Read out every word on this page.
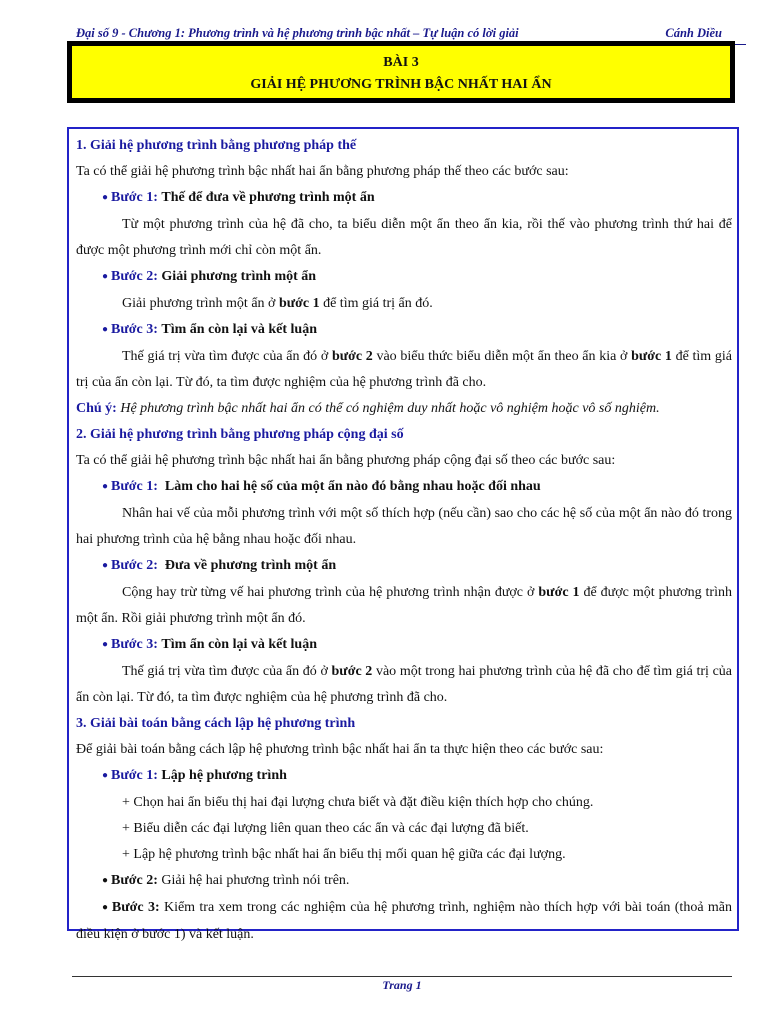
Đại số 9 - Chương 1: Phương trình và hệ phương trình bậc nhất – Tự luận có lời giải	Cánh Diều
BÀI 3
GIẢI HỆ PHƯƠNG TRÌNH BẬC NHẤT HAI ẨN

1. Giải hệ phương trình bằng phương pháp thế

Ta có thể giải hệ phương trình bậc nhất hai ẩn bằng phương pháp thế theo các bước sau:

● Bước 1: Thế để đưa về phương trình một ẩn

Từ một phương trình của hệ đã cho, ta biểu diễn một ẩn theo ẩn kia, rồi thế vào phương trình thứ hai để được một phương trình mới chỉ còn một ẩn.

● Bước 2: Giải phương trình một ẩn

Giải phương trình một ẩn ở bước 1 để tìm giá trị ẩn đó.

● Bước 3: Tìm ẩn còn lại và kết luận

Thế giá trị vừa tìm được của ẩn đó ở bước 2 vào biểu thức biểu diễn một ẩn theo ẩn kia ở bước 1 để tìm giá trị của ẩn còn lại. Từ đó, ta tìm được nghiệm của hệ phương trình đã cho.

Chú ý: Hệ phương trình bậc nhất hai ẩn có thể có nghiệm duy nhất hoặc vô nghiệm hoặc vô số nghiệm.

2. Giải hệ phương trình bằng phương pháp cộng đại số

Ta có thể giải hệ phương trình bậc nhất hai ẩn bằng phương pháp cộng đại số theo các bước sau:

● Bước 1: Làm cho hai hệ số của một ẩn nào đó bằng nhau hoặc đối nhau

Nhân hai vế của mỗi phương trình với một số thích hợp (nếu cần) sao cho các hệ số của một ẩn nào đó trong hai phương trình của hệ bằng nhau hoặc đối nhau.

● Bước 2: Đưa về phương trình một ẩn

Cộng hay trừ từng vế hai phương trình của hệ phương trình nhận được ở bước 1 để được một phương trình một ẩn. Rồi giải phương trình một ẩn đó.

● Bước 3: Tìm ẩn còn lại và kết luận

Thế giá trị vừa tìm được của ẩn đó ở bước 2 vào một trong hai phương trình của hệ đã cho để tìm giá trị của ẩn còn lại. Từ đó, ta tìm được nghiệm của hệ phương trình đã cho.

3. Giải bài toán bằng cách lập hệ phương trình

Để giải bài toán bằng cách lập hệ phương trình bậc nhất hai ẩn ta thực hiện theo các bước sau:

● Bước 1: Lập hệ phương trình

+ Chọn hai ẩn biểu thị hai đại lượng chưa biết và đặt điều kiện thích hợp cho chúng.

+ Biểu diễn các đại lượng liên quan theo các ẩn và các đại lượng đã biết.

+ Lập hệ phương trình bậc nhất hai ẩn biểu thị mối quan hệ giữa các đại lượng.

● Bước 2: Giải hệ hai phương trình nói trên.

● Bước 3: Kiểm tra xem trong các nghiệm của hệ phương trình, nghiệm nào thích hợp với bài toán (thoả mãn điều kiện ở bước 1) và kết luận.

Trang 1
